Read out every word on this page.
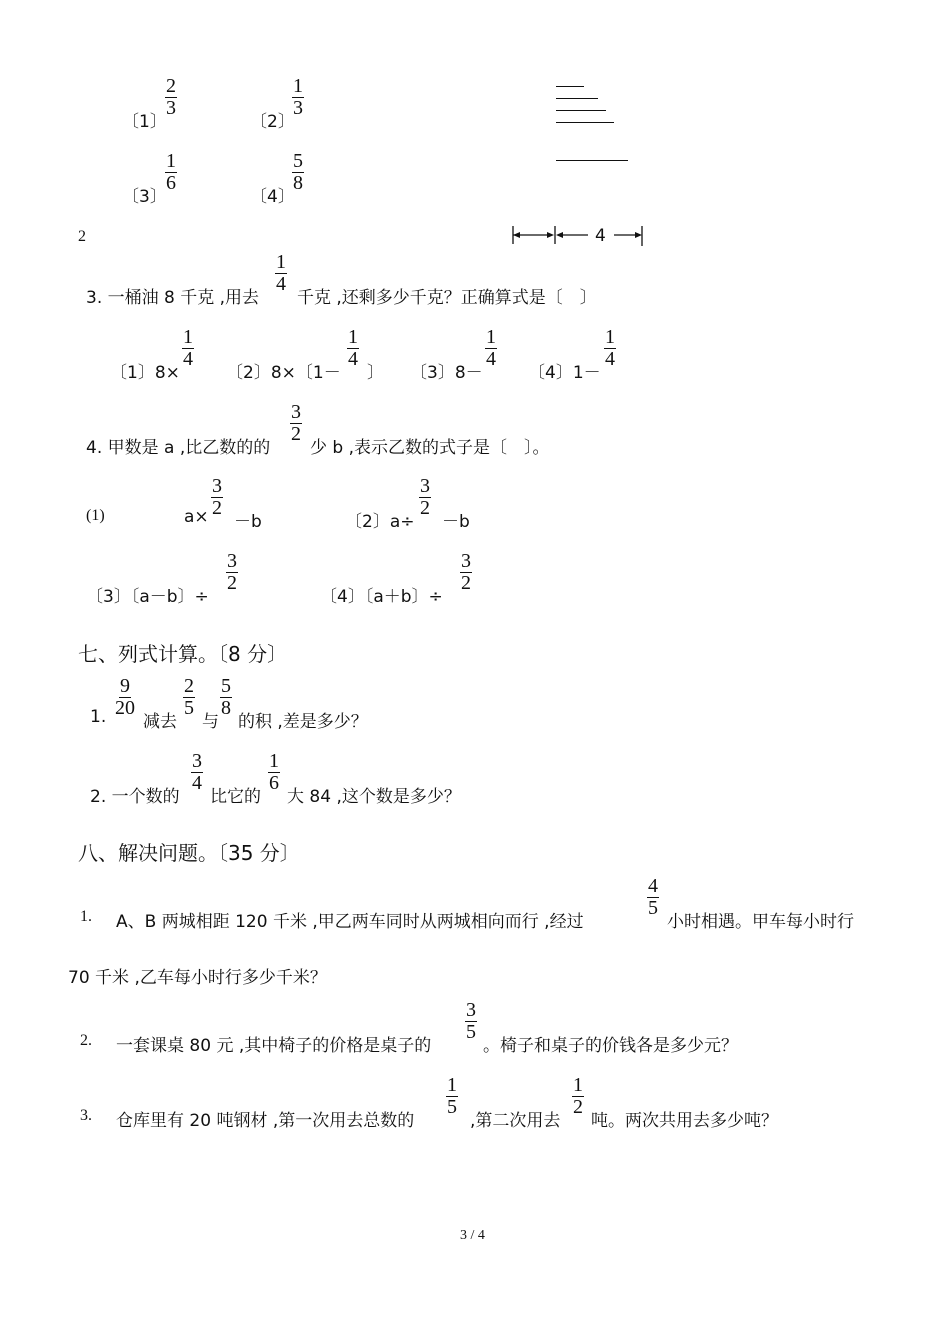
〔1〕
$\frac{2}{3}$
〔2〕
$\frac{1}{3}$
〔3〕
$\frac{1}{6}$
〔4〕
$\frac{5}{8}$
2	4
3. 一桶油 8 千克 ,用去
$\frac{1}{4}$
千克 ,还剩多少千克？正确算式是〔　〕
〔1〕8×
$\frac{1}{4}$
〔2〕8×〔1－
$\frac{1}{4}$
〕 〔3〕8－
$\frac{1}{4}$
〔4〕1－
$\frac{1}{4}$
4. 甲数是 a ,比乙数的的
$\frac{3}{2}$
少 b ,表示乙数的式子是〔　〕。
(1)	$a\times \frac{3}{2}$
－b	〔2〕a÷
$\frac{3}{2}$
－b
〔3〕〔a－b〕÷
$\frac{3}{2}$
〔4〕〔a＋b〕÷
$\frac{3}{2}$
七、列式计算。〔8 分〕
1. $\frac{9}{20}$
减去
$\frac{2}{5}$
与
$\frac{5}{8}$
的积 ,差是多少？
2. 一个数的
$\frac{3}{4}$
比它的
$\frac{1}{6}$
大 84 ,这个数是多少？
八、解决问题。〔35 分〕
1. A、B 两城相距 120 千米 ,甲乙两车同时从两城相向而行 ,经过
$\frac{4}{5}$
小时相遇。甲车每小时行
70 千米 ,乙车每小时行多少千米？
2. 一套课桌 80 元 ,其中椅子的价格是桌子的
$\frac{3}{5}$
。椅子和桌子的价钱各是多少元？
3. 仓库里有 20 吨钢材 ,第一次用去总数的
$\frac{1}{5}$
,第二次用去
$\frac{1}{2}$
吨。两次共用去多少吨？
3 / 4
